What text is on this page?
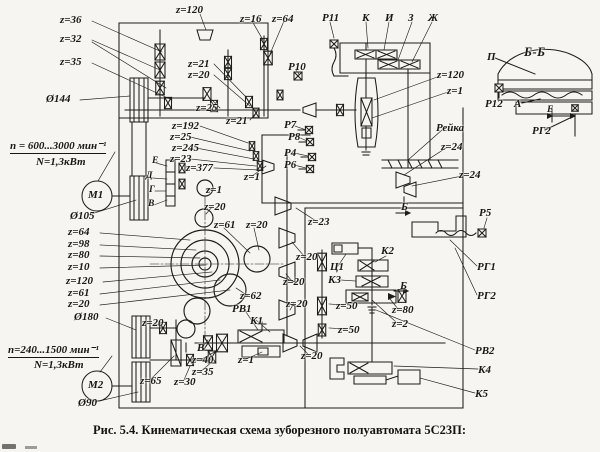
z=36
z=32
z=35
Ø144
z=120
z=16 z=64
z=21
z=20
z=25
z=21
P11 К И З Ж
P10
z=120
z=1
Рейка
z=24
z=24
Б-Б
П
P12 А	Е
РГ2
п = 600...3000 мин⁻¹
N=1,3кВт
М1
Ø105
Е
Д
Г
В
z=192
z=25
z=245
z=23
z=377
P7
P8
P4
P6
z=1
z=1
z=20
z=61 z=20	z=23
z=20
z=20
z=20	z=50
z=50
z=20
z=80
z=2
Ц1
К2
К3	Б
Б	P5
РГ1
РГ2
РВ2
К4
К5
z=64
z=98
z=80
z=10
z=120
z=61
z=20
Ø180
п=240...1500 мин⁻¹
N=1,3кВт
М2
Ø90
z=20
z=65 z=30
z=62
РВ1
К1
В
z=40 z=1
z=35
Рис. 5.4. Кинематическая схема зуборезного полуавтомата 5С23П:
